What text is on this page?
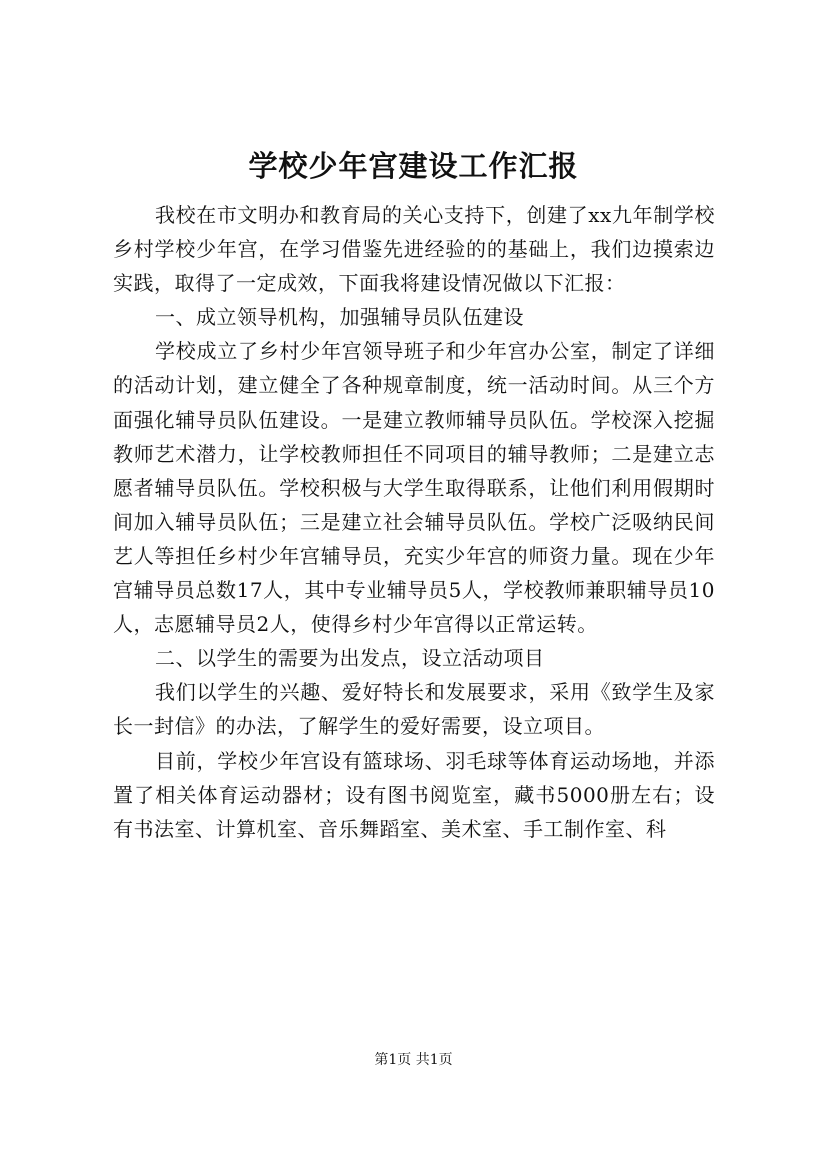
学校少年宫建设工作汇报

我校在市文明办和教育局的关心支持下，创建了xx九年制学校乡村学校少年宫，在学习借鉴先进经验的的基础上，我们边摸索边实践，取得了一定成效，下面我将建设情况做以下汇报：

一、成立领导机构，加强辅导员队伍建设

学校成立了乡村少年宫领导班子和少年宫办公室，制定了详细的活动计划，建立健全了各种规章制度，统一活动时间。从三个方面强化辅导员队伍建设。一是建立教师辅导员队伍。学校深入挖掘教师艺术潜力，让学校教师担任不同项目的辅导教师；二是建立志愿者辅导员队伍。学校积极与大学生取得联系，让他们利用假期时间加入辅导员队伍；三是建立社会辅导员队伍。学校广泛吸纳民间艺人等担任乡村少年宫辅导员，充实少年宫的师资力量。现在少年宫辅导员总数17人，其中专业辅导员5人，学校教师兼职辅导员10人，志愿辅导员2人，使得乡村少年宫得以正常运转。

二、以学生的需要为出发点，设立活动项目

我们以学生的兴趣、爱好特长和发展要求，采用《致学生及家长一封信》的办法，了解学生的爱好需要，设立项目。

目前，学校少年宫设有篮球场、羽毛球等体育运动场地，并添置了相关体育运动器材；设有图书阅览室，藏书5000册左右；设有书法室、计算机室、音乐舞蹈室、美术室、手工制作室、科

第1页 共1页
